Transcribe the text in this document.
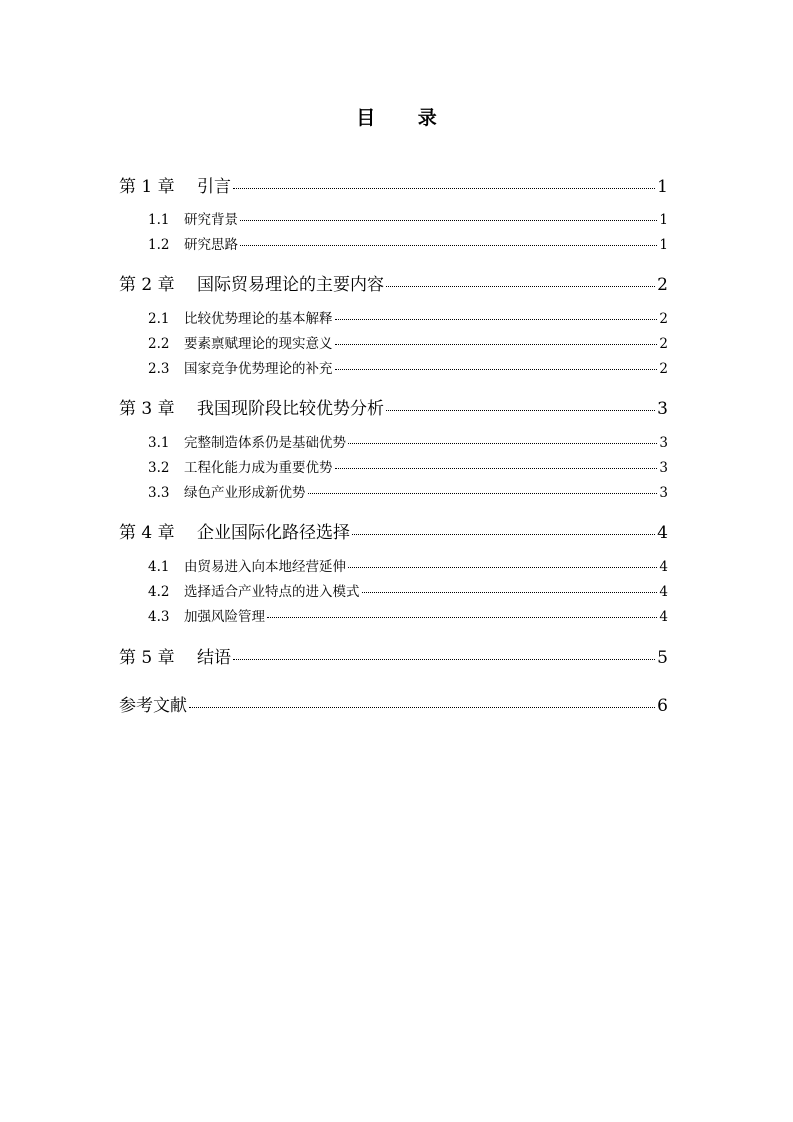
目 录
第 1 章	引言	1
1.1	研究背景	1
1.2	研究思路	1
第 2 章	国际贸易理论的主要内容	2
2.1	比较优势理论的基本解释	2
2.2	要素禀赋理论的现实意义	2
2.3	国家竞争优势理论的补充	2
第 3 章	我国现阶段比较优势分析	3
3.1	完整制造体系仍是基础优势	3
3.2	工程化能力成为重要优势	3
3.3	绿色产业形成新优势	3
第 4 章	企业国际化路径选择	4
4.1	由贸易进入向本地经营延伸	4
4.2	选择适合产业特点的进入模式	4
4.3	加强风险管理	4
第 5 章	结语	5
参考文献	6
